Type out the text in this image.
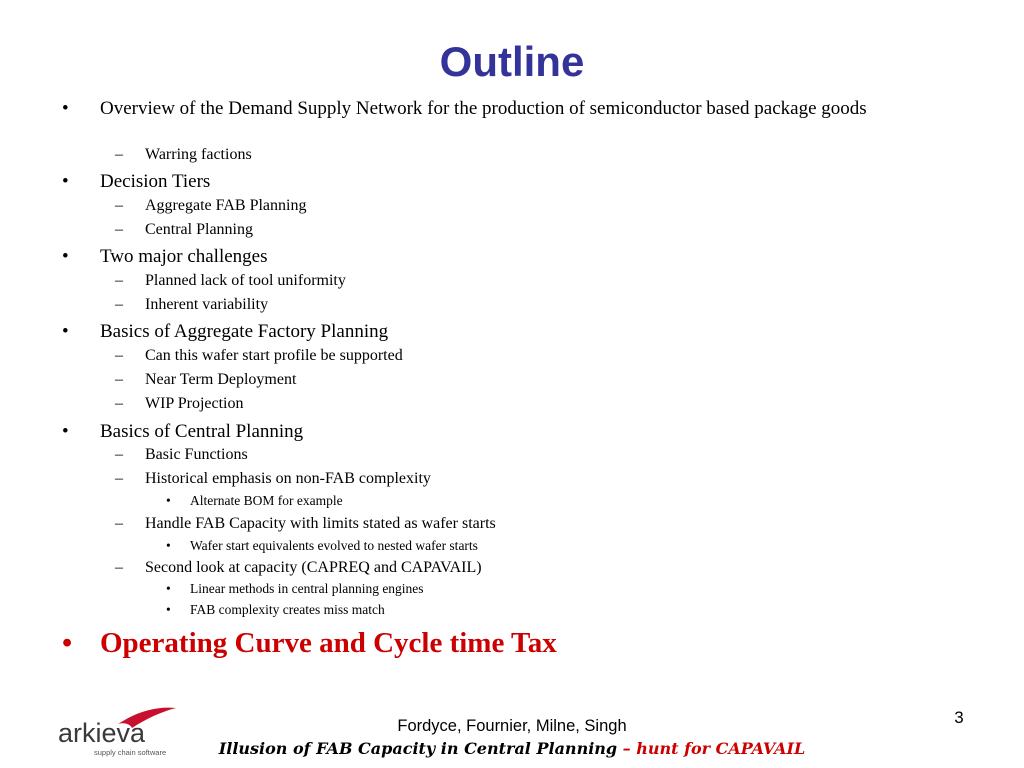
Outline
•	Overview of the Demand Supply Network for the production of semiconductor based package goods
– Warring factions
•	Decision Tiers
– Aggregate FAB Planning
– Central Planning
•	Two major challenges
– Planned lack of tool uniformity
– Inherent variability
•	Basics of Aggregate Factory Planning
– Can this wafer start profile be supported
– Near Term Deployment
– WIP Projection
•	Basics of Central Planning
– Basic Functions
– Historical emphasis on non-FAB complexity
• Alternate BOM for example
– Handle FAB Capacity with limits stated as wafer starts
• Wafer start equivalents evolved to nested wafer starts
– Second look at capacity (CAPREQ and CAPAVAIL)
• Linear methods in central planning engines
• FAB complexity creates miss match
• Operating Curve and Cycle time Tax
arkieva
supply chain software
Fordyce, Fournier, Milne, Singh
Illusion of FAB Capacity in Central Planning – hunt for CAPAVAIL
3
